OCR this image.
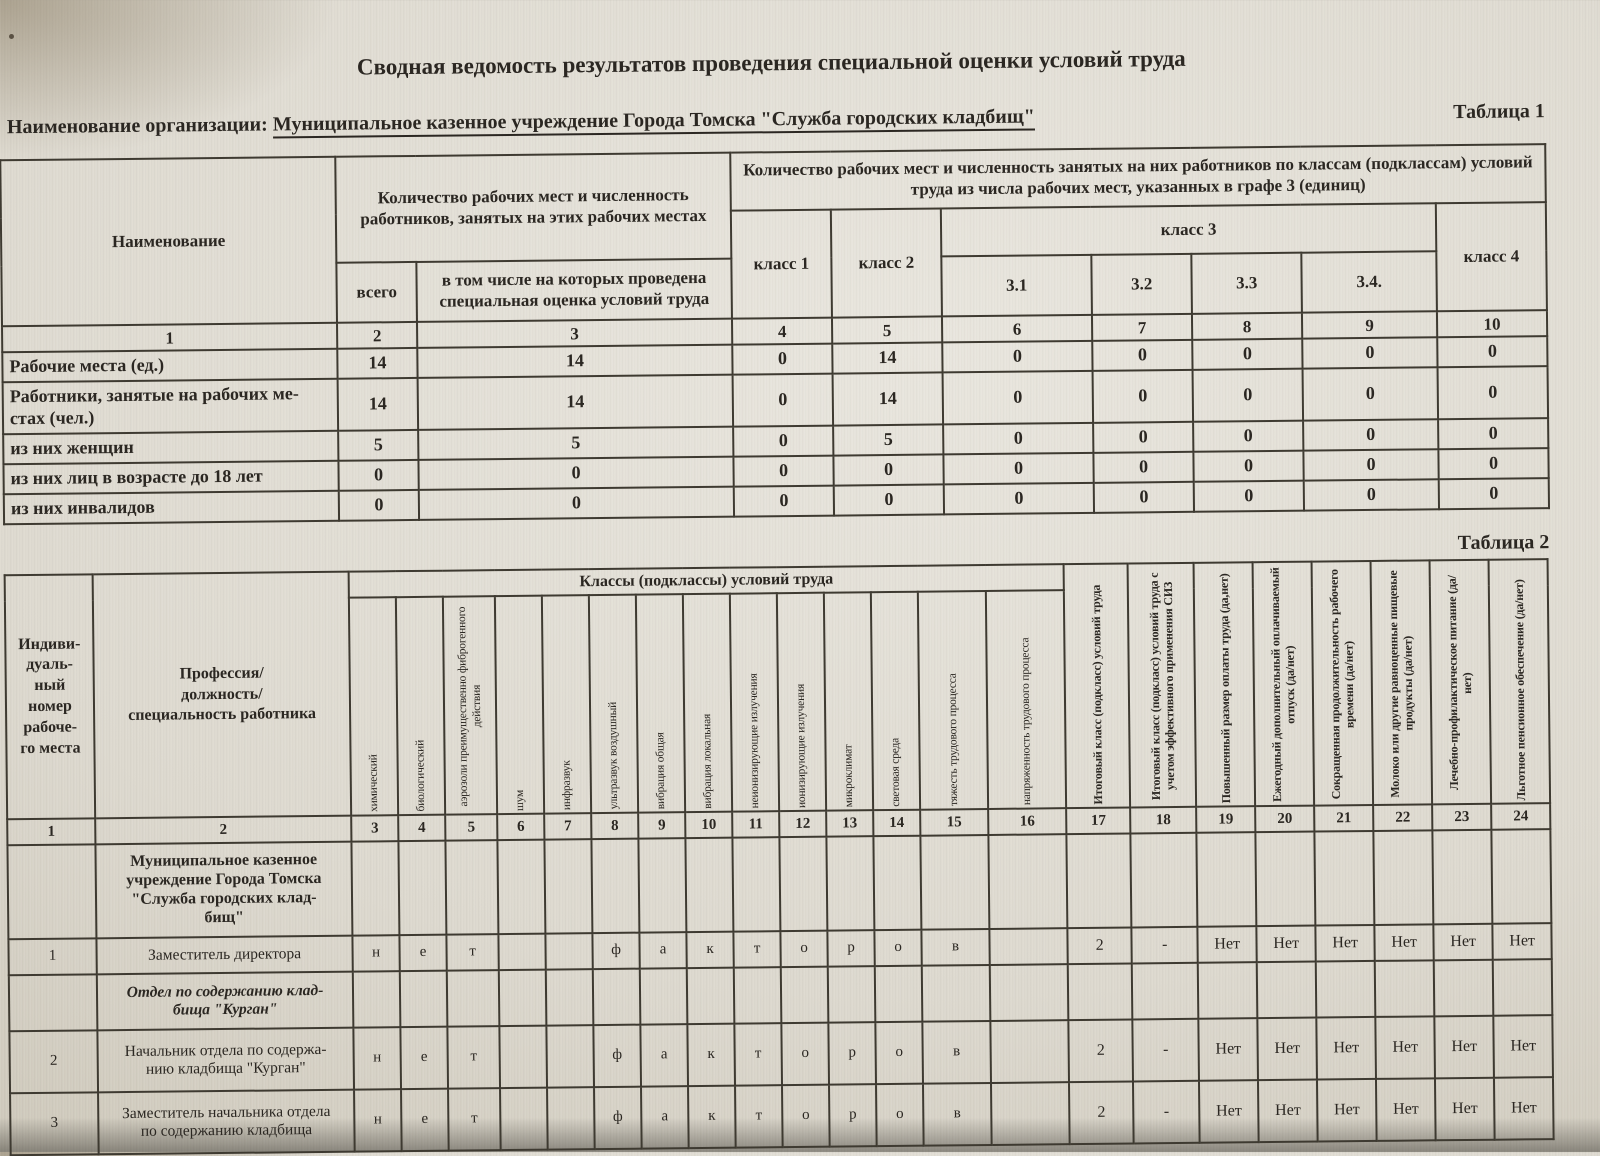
Сводная ведомость результатов проведения специальной оценки условий труда
Наименование организации: Муниципальное казенное учреждение Города Томска "Служба городских кладбищ"	Таблица 1
Наименование	Количество рабочих мест и численность работников, занятых на этих рабочих местах		Количество рабочих мест и численность занятых на них работников по классам (подклассам) условий труда из числа рабочих мест, указанных в графе 3 (единиц)						
			класс 1	класс 2	класс 3				класс 4
	всего	в том числе на которых проведена специальная оценка условий труда			3.1	3.2	3.3	3.4.	
1	2	3	4	5	6	7	8	9	10
Рабочие места (ед.)	14	14	0	14	0	0	0	0	0
Работники, занятые на рабочих ме-
стах (чел.)	14	14	0	14	0	0	0	0	0
из них женщин	5	5	0	5	0	0	0	0	0
из них лиц в возрасте до 18 лет	0	0	0	0	0	0	0	0	0
из них инвалидов	0	0	0	0	0	0	0	0	0
Таблица 2
Индиви-
дуаль-
ный
номер
рабоче-
го места	Профессия/
должность/
специальность работника	Классы (подклассы) условий труда	
Итоговый класс (подкласс) условий труда	Итоговый класс (подкласс) условий труда с учетом эффективного применения СИЗ	Повышенный размер оплаты труда (да,нет)	Ежегодный дополнительный оплачиваемый отпуск (да/нет)	Сокращенная продолжительность рабочего времени (да/нет)	Молоко или другие равноценные пищевые продукты (да/нет)	Лечебно-профилактическое питание (да/нет)	Льготное пенсионное обеспечение (да/нет)

		химический	биологический	аэрозоли преимущественно фиброгенного действия	шум	инфразвук	ультразвук воздушный	вибрация общая	вибрация локальная	неионизирующие излучения	ионизирующие излучения	микроклимат	световая среда	тяжесть трудового процесса	напряженность трудового процесса								

1	2	3	4	5	6	7	8	9	10	11	12	13	14	15	16	17	18	19	20	21	22	23	24
	Муниципальное казенное
учреждение Города Томска
"Служба городских клад-
бищ"																						
1	Заместитель директора	н	е	т			ф	а	к	т	о	р	о	в		2	-	Нет	Нет	Нет	Нет	Нет	Нет
	Отдел по содержанию клад-
бища "Курган"																						
2	Начальник отдела по содержа-
нию кладбища "Курган"	н	е	т			ф	а	к	т	о	р	о	в		2	-	Нет	Нет	Нет	Нет	Нет	Нет
3	Заместитель начальника отдела
по содержанию кладбища	н	е	т			ф	а	к	т	о	р	о	в		2	-	Нет	Нет	Нет	Нет	Нет	Нет
